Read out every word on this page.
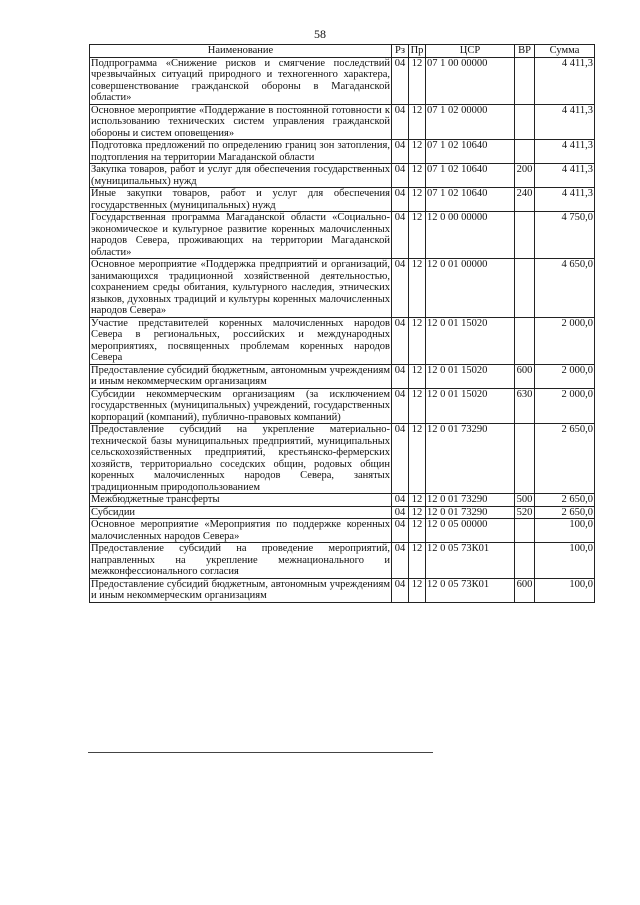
58
Наименование	Рз	Пр	ЦСР	ВР	Сумма
Подпрограмма «Снижение рисков и смягчение последствий чрезвычайных ситуаций природного и техногенного характера, совершенствование гражданской обороны в Магаданской области»	04	12	07 1 00 00000		4 411,3
Основное мероприятие «Поддержание в постоянной готовности к использованию технических систем управления гражданской обороны и систем оповещения»	04	12	07 1 02 00000		4 411,3
Подготовка предложений по определению границ зон затопления, подтопления на территории Магаданской области	04	12	07 1 02 10640		4 411,3
Закупка товаров, работ и услуг для обеспечения государственных (муниципальных) нужд	04	12	07 1 02 10640	200	4 411,3
Иные закупки товаров, работ и услуг для обеспечения государственных (муниципальных) нужд	04	12	07 1 02 10640	240	4 411,3
Государственная программа Магаданской области «Социально-экономическое и культурное развитие коренных малочисленных народов Севера, проживающих на территории Магаданской области»	04	12	12 0 00 00000		4 750,0
Основное мероприятие «Поддержка предприятий и организаций, занимающихся традиционной хозяйственной деятельностью, сохранением среды обитания, культурного наследия, этнических языков, духовных традиций и культуры коренных малочисленных народов Севера»	04	12	12 0 01 00000		4 650,0
Участие представителей коренных малочисленных народов Севера в региональных, российских и международных мероприятиях, посвященных проблемам коренных народов Севера	04	12	12 0 01 15020		2 000,0
Предоставление субсидий бюджетным, автономным учреждениям и иным некоммерческим организациям	04	12	12 0 01 15020	600	2 000,0
Субсидии некоммерческим организациям (за исключением государственных (муниципальных) учреждений, государственных корпораций (компаний), публично-правовых компаний)	04	12	12 0 01 15020	630	2 000,0
Предоставление субсидий на укрепление материально-технической базы муниципальных предприятий, муниципальных сельскохозяйственных предприятий, крестьянско-фермерских хозяйств, территориально соседских общин, родовых общин коренных малочисленных народов Севера, занятых традиционным природопользованием	04	12	12 0 01 73290		2 650,0
Межбюджетные трансферты	04	12	12 0 01 73290	500	2 650,0
Субсидии	04	12	12 0 01 73290	520	2 650,0
Основное мероприятие «Мероприятия по поддержке коренных малочисленных народов Севера»	04	12	12 0 05 00000		100,0
Предоставление субсидий на проведение мероприятий, направленных на укрепление межнационального и межконфессионального согласия	04	12	12 0 05 73К01		100,0
Предоставление субсидий бюджетным, автономным учреждениям и иным некоммерческим организациям	04	12	12 0 05 73К01	600	100,0
